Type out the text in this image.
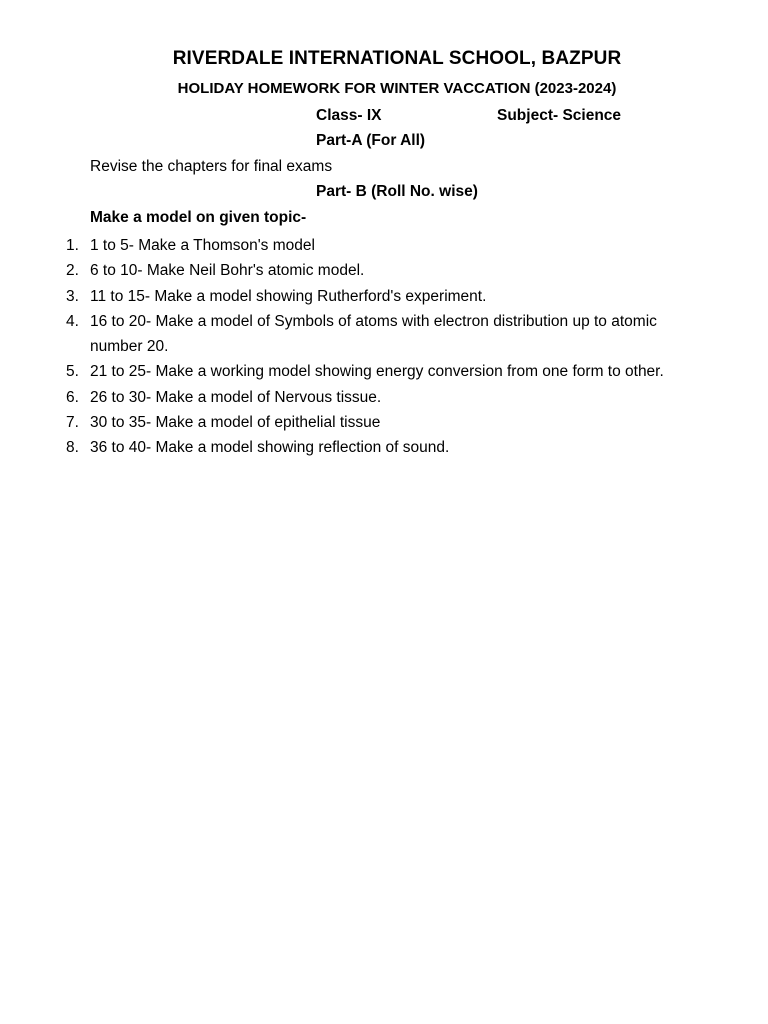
RIVERDALE INTERNATIONAL SCHOOL, BAZPUR
HOLIDAY HOMEWORK FOR WINTER VACCATION (2023-2024)
Class- IX	Subject- Science
Part-A (For All)
Revise the chapters for final exams
Part- B (Roll No. wise)
Make a model on given topic-
1. 1 to 5- Make a Thomson's model
2. 6 to 10- Make Neil Bohr's atomic model.
3. 11 to 15- Make a model showing Rutherford's experiment.
4. 16 to 20- Make a model of Symbols of atoms with electron distribution up to atomic number 20.
5. 21 to 25- Make a working model showing energy conversion from one form to other.
6. 26 to 30- Make a model of Nervous tissue.
7. 30 to 35- Make a model of epithelial tissue
8. 36 to 40- Make a model showing reflection of sound.
